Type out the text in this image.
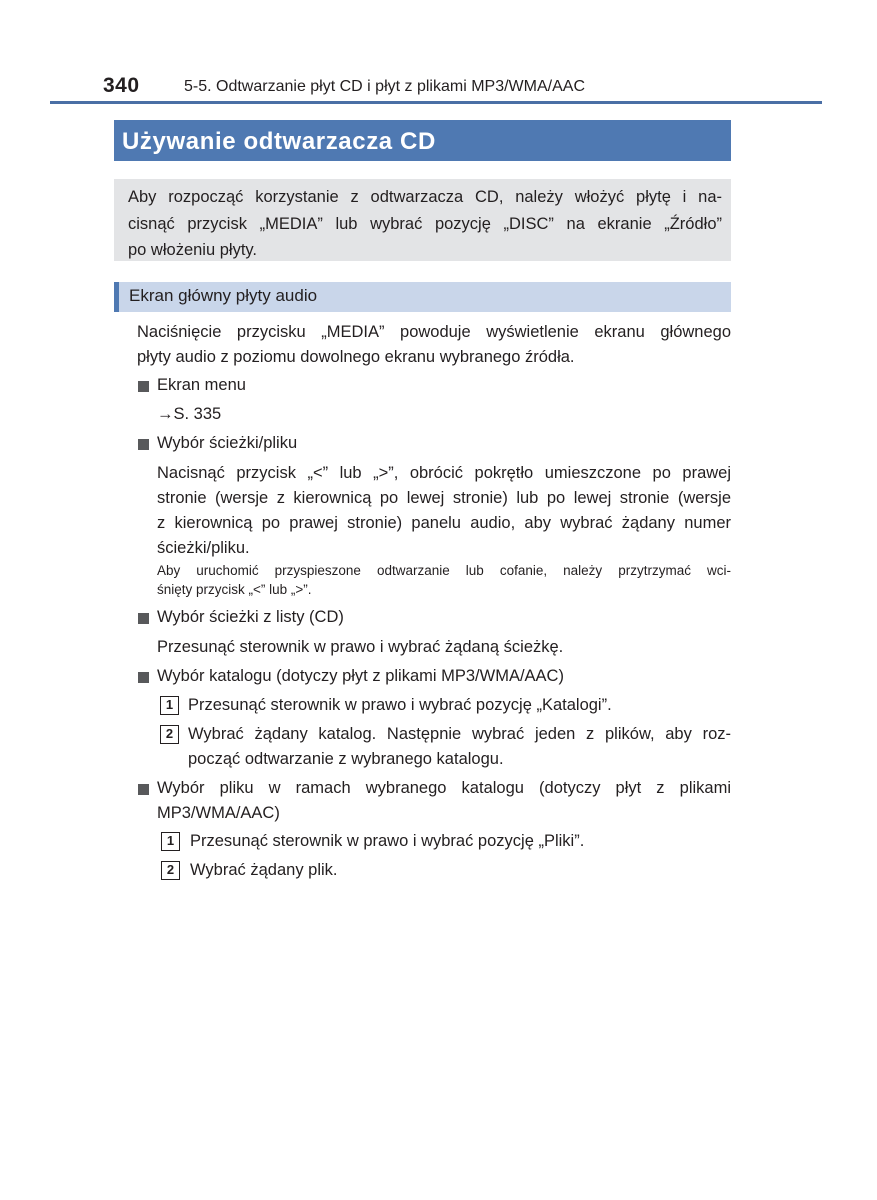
340	5-5. Odtwarzanie płyt CD i płyt z plikami MP3/WMA/AAC
Używanie odtwarzacza CD
Aby rozpocząć korzystanie z odtwarzacza CD, należy włożyć płytę i na-
cisnąć przycisk „MEDIA” lub wybrać pozycję „DISC” na ekranie „Źródło”
po włożeniu płyty.
Ekran główny płyty audio
Naciśnięcie przycisku „MEDIA” powoduje wyświetlenie ekranu głównego
płyty audio z poziomu dowolnego ekranu wybranego źródła.
Ekran menu
→S. 335
Wybór ścieżki/pliku
Nacisnąć przycisk „<” lub „>”, obrócić pokrętło umieszczone po prawej
stronie (wersje z kierownicą po lewej stronie) lub po lewej stronie (wersje
z kierownicą po prawej stronie) panelu audio, aby wybrać żądany numer
ścieżki/pliku.
Aby uruchomić przyspieszone odtwarzanie lub cofanie, należy przytrzymać wci-
śnięty przycisk „<” lub „>”.
Wybór ścieżki z listy (CD)
Przesunąć sterownik w prawo i wybrać żądaną ścieżkę.
Wybór katalogu (dotyczy płyt z plikami MP3/WMA/AAC)
1 Przesunąć sterownik w prawo i wybrać pozycję „Katalogi”.
2 Wybrać żądany katalog. Następnie wybrać jeden z plików, aby roz-
począć odtwarzanie z wybranego katalogu.
Wybór pliku w ramach wybranego katalogu (dotyczy płyt z plikami
MP3/WMA/AAC)
1 Przesunąć sterownik w prawo i wybrać pozycję „Pliki”.
2 Wybrać żądany plik.
